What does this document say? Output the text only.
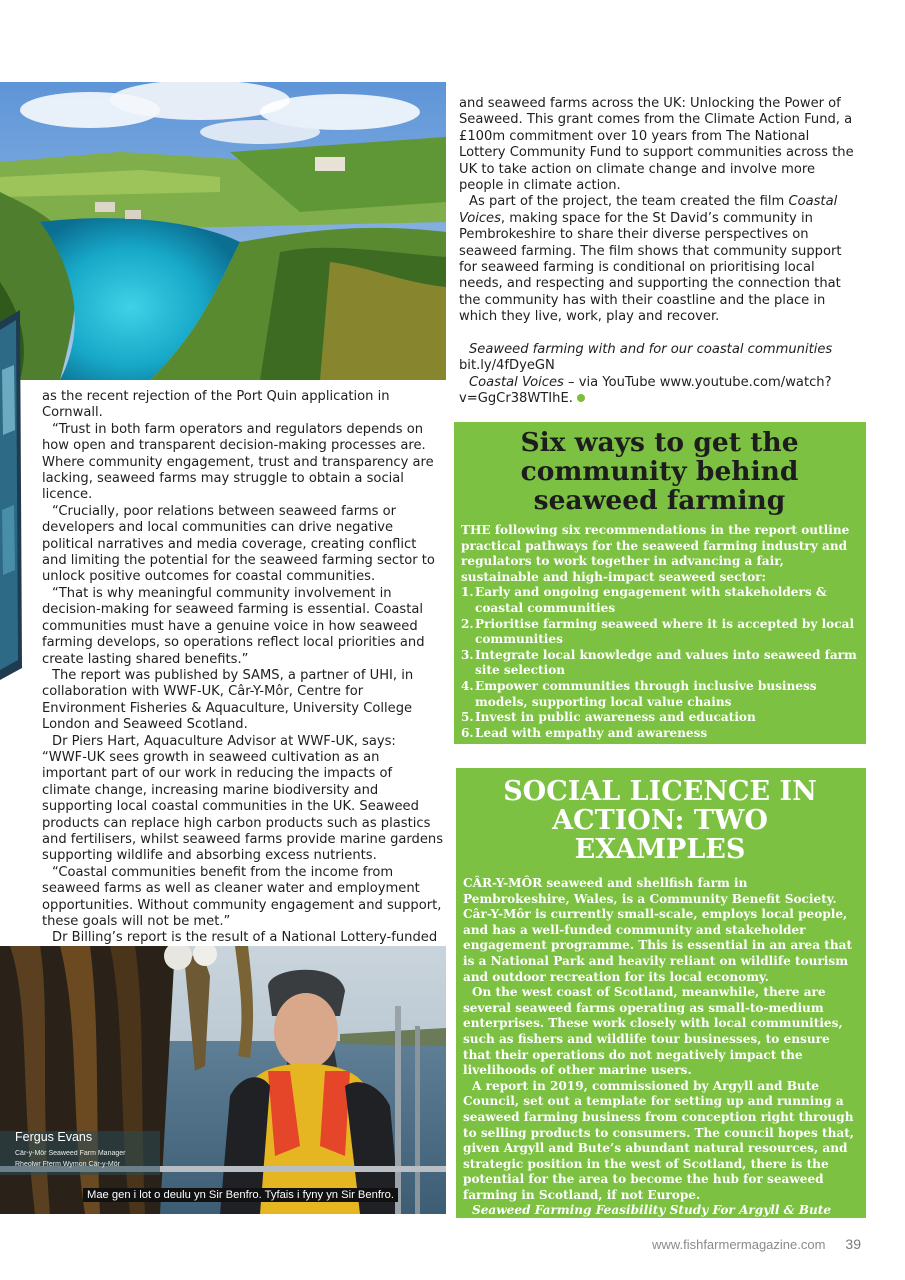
as the recent rejection of the Port Quin application in Cornwall.

“Trust in both farm operators and regulators depends on how open and transparent decision-making processes are. Where community engagement, trust and transparency are lacking, seaweed farms may struggle to obtain a social licence.

“Crucially, poor relations between seaweed farms or developers and local communities can drive negative political narratives and media coverage, creating conflict and limiting the potential for the seaweed farming sector to unlock positive outcomes for coastal communities.

“That is why meaningful community involvement in decision-making for seaweed farming is essential. Coastal communities must have a genuine voice in how seaweed farming develops, so operations reflect local priorities and create lasting shared benefits.”

The report was published by SAMS, a partner of UHI, in collaboration with WWF-UK, Câr-Y-Môr, Centre for Environment Fisheries & Aquaculture, University College London and Seaweed Scotland.

Dr Piers Hart, Aquaculture Advisor at WWF-UK, says: “WWF-UK sees growth in seaweed cultivation as an important part of our work in reducing the impacts of climate change, increasing marine biodiversity and supporting local coastal communities in the UK. Seaweed products can replace high carbon products such as plastics and fertilisers, whilst seaweed farms provide marine gardens supporting wildlife and absorbing excess nutrients.

“Coastal communities benefit from the income from seaweed farms as well as cleaner water and employment opportunities. Without community engagement and support, these goals will not be met.”

Dr Billing’s report is the result of a National Lottery-funded

Fergus Evans
Câr-y-Môr Seaweed Farm Manager
Rheolwr Fferm Wymon Câr-y-Môr
Mae gen i lot o deulu yn Sir Benfro. Tyfais i fyny yn Sir Benfro.

and seaweed farms across the UK: Unlocking the Power of Seaweed. This grant comes from the Climate Action Fund, a £100m commitment over 10 years from The National Lottery Community Fund to support communities across the UK to take action on climate change and involve more people in climate action.

As part of the project, the team created the film Coastal Voices, making space for the St David’s community in Pembrokeshire to share their diverse perspectives on seaweed farming. The film shows that community support for seaweed farming is conditional on prioritising local needs, and respecting and supporting the connection that the community has with their coastline and the place in which they live, work, play and recover.

Seaweed farming with and for our coastal communities bit.ly/4fDyeGN

Coastal Voices – via YouTube www.youtube.com/watch?v=GgCr38WTIhE.

Six ways to get the community behind seaweed farming

THE following six recommendations in the report outline practical pathways for the seaweed farming industry and regulators to work together in advancing a fair, sustainable and high-impact seaweed sector:

1.Early and ongoing engagement with stakeholders & coastal communities
2.Prioritise farming seaweed where it is accepted by local communities
3.Integrate local knowledge and values into seaweed farm site selection
4.Empower communities through inclusive business models, supporting local value chains
5.Invest in public awareness and education
6.Lead with empathy and awareness
SOCIAL LICENCE IN ACTION: TWO EXAMPLES

CÂR-Y-MÔR seaweed and shellfish farm in Pembrokeshire, Wales, is a Community Benefit Society. Câr-Y-Môr is currently small-scale, employs local people, and has a well-funded community and stakeholder engagement programme. This is essential in an area that is a National Park and heavily reliant on wildlife tourism and outdoor recreation for its local economy.

On the west coast of Scotland, meanwhile, there are several seaweed farms operating as small-to-medium enterprises. These work closely with local communities, such as fishers and wildlife tour businesses, to ensure that their operations do not negatively impact the livelihoods of other marine users.

A report in 2019, commissioned by Argyll and Bute Council, set out a template for setting up and running a seaweed farming business from conception right through to selling products to consumers. The council hopes that, given Argyll and Bute’s abundant natural resources, and strategic position in the west of Scotland, there is the potential for the area to become the hub for seaweed farming in Scotland, if not Europe.

Seaweed Farming Feasibility Study For Argyll & Bute bit.ly/4pXq13I

www.fishfarmermagazine.com 39
